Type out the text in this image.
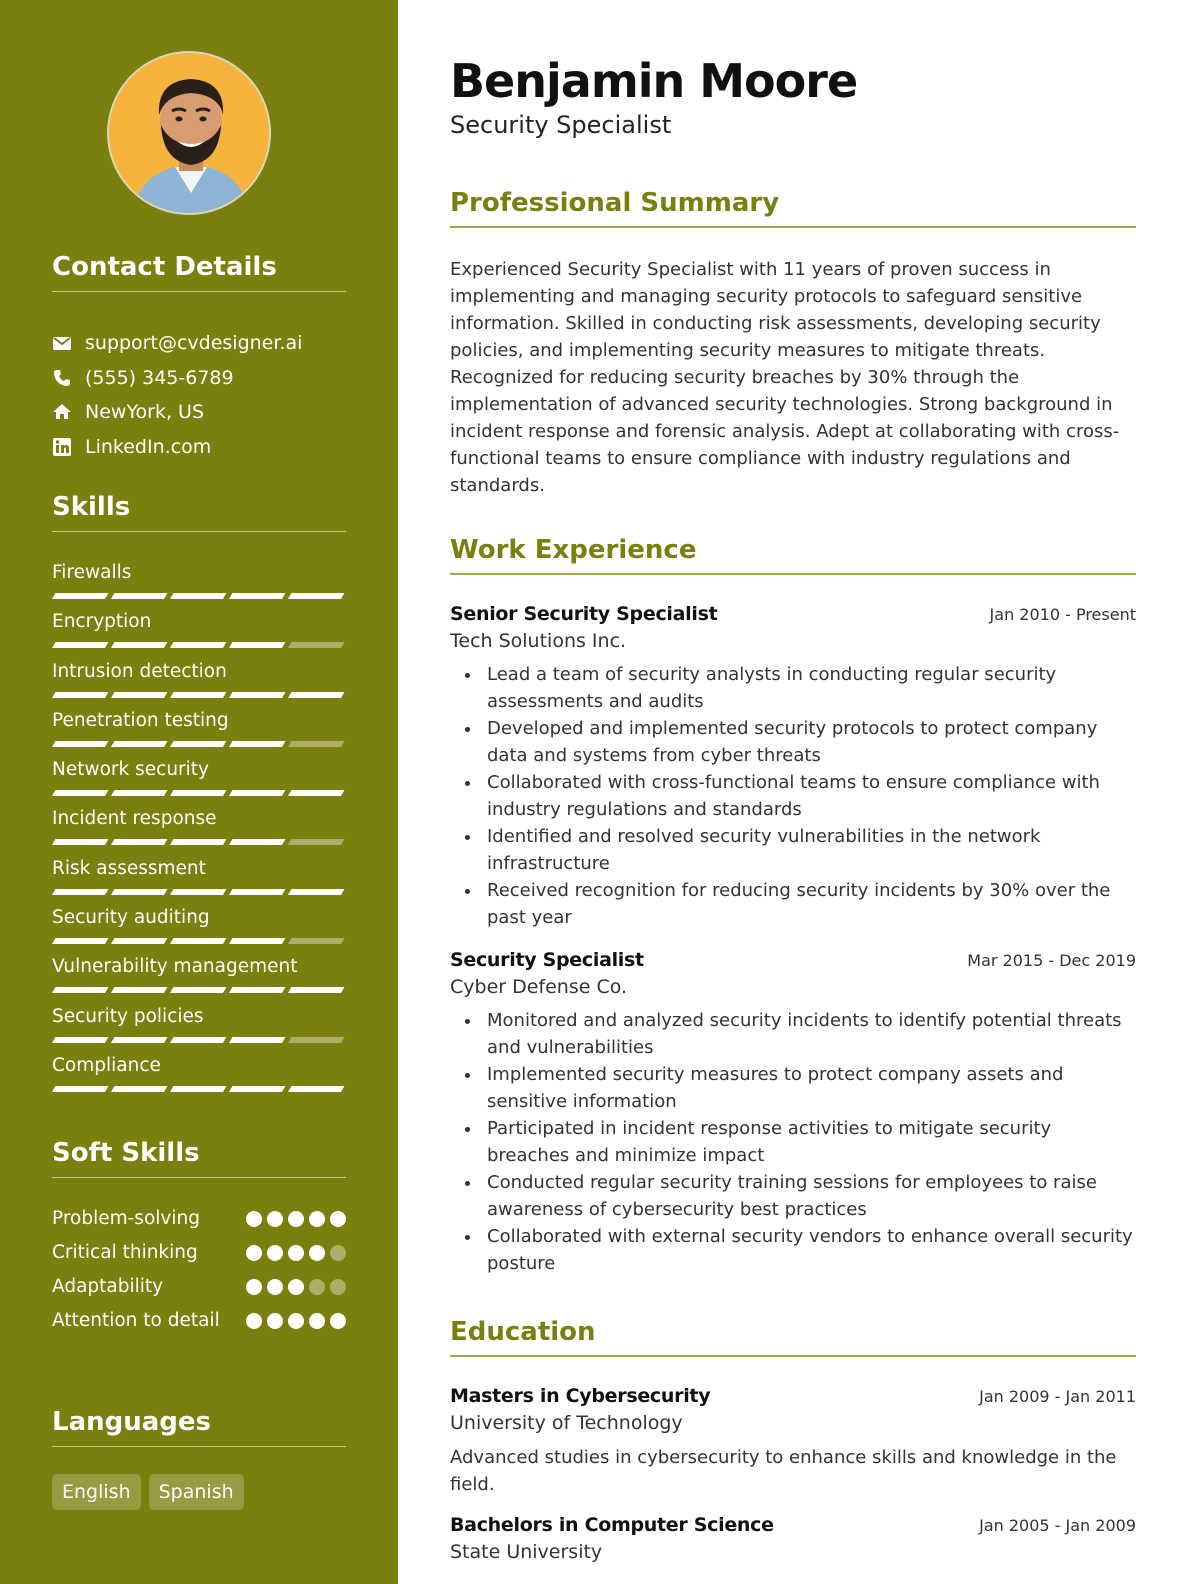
Contact Details
support@cvdesigner.ai
(555) 345-6789
NewYork, US
LinkedIn.com
Skills
Firewalls
Encryption
Intrusion detection
Penetration testing
Network security
Incident response
Risk assessment
Security auditing
Vulnerability management
Security policies
Compliance
Soft Skills
Problem-solving
Critical thinking
Adaptability
Attention to detail
Languages
English	Spanish
Benjamin Moore
Security Specialist
Professional Summary

Experienced Security Specialist with 11 years of proven success in implementing and managing security protocols to safeguard sensitive information. Skilled in conducting risk assessments, developing security policies, and implementing security measures to mitigate threats. Recognized for reducing security breaches by 30% through the implementation of advanced security technologies. Strong background in incident response and forensic analysis. Adept at collaborating with cross-functional teams to ensure compliance with industry regulations and standards.

Work Experience
Senior Security Specialist	Jan 2010 - Present
Tech Solutions Inc.
Lead a team of security analysts in conducting regular security assessments and audits
Developed and implemented security protocols to protect company data and systems from cyber threats
Collaborated with cross-functional teams to ensure compliance with industry regulations and standards
Identified and resolved security vulnerabilities in the network infrastructure
Received recognition for reducing security incidents by 30% over the past year
Security Specialist	Mar 2015 - Dec 2019
Cyber Defense Co.
Monitored and analyzed security incidents to identify potential threats and vulnerabilities
Implemented security measures to protect company assets and sensitive information
Participated in incident response activities to mitigate security breaches and minimize impact
Conducted regular security training sessions for employees to raise awareness of cybersecurity best practices
Collaborated with external security vendors to enhance overall security posture
Education
Masters in Cybersecurity	Jan 2009 - Jan 2011
University of Technology

Advanced studies in cybersecurity to enhance skills and knowledge in the field.

Bachelors in Computer Science	Jan 2005 - Jan 2009
State University
